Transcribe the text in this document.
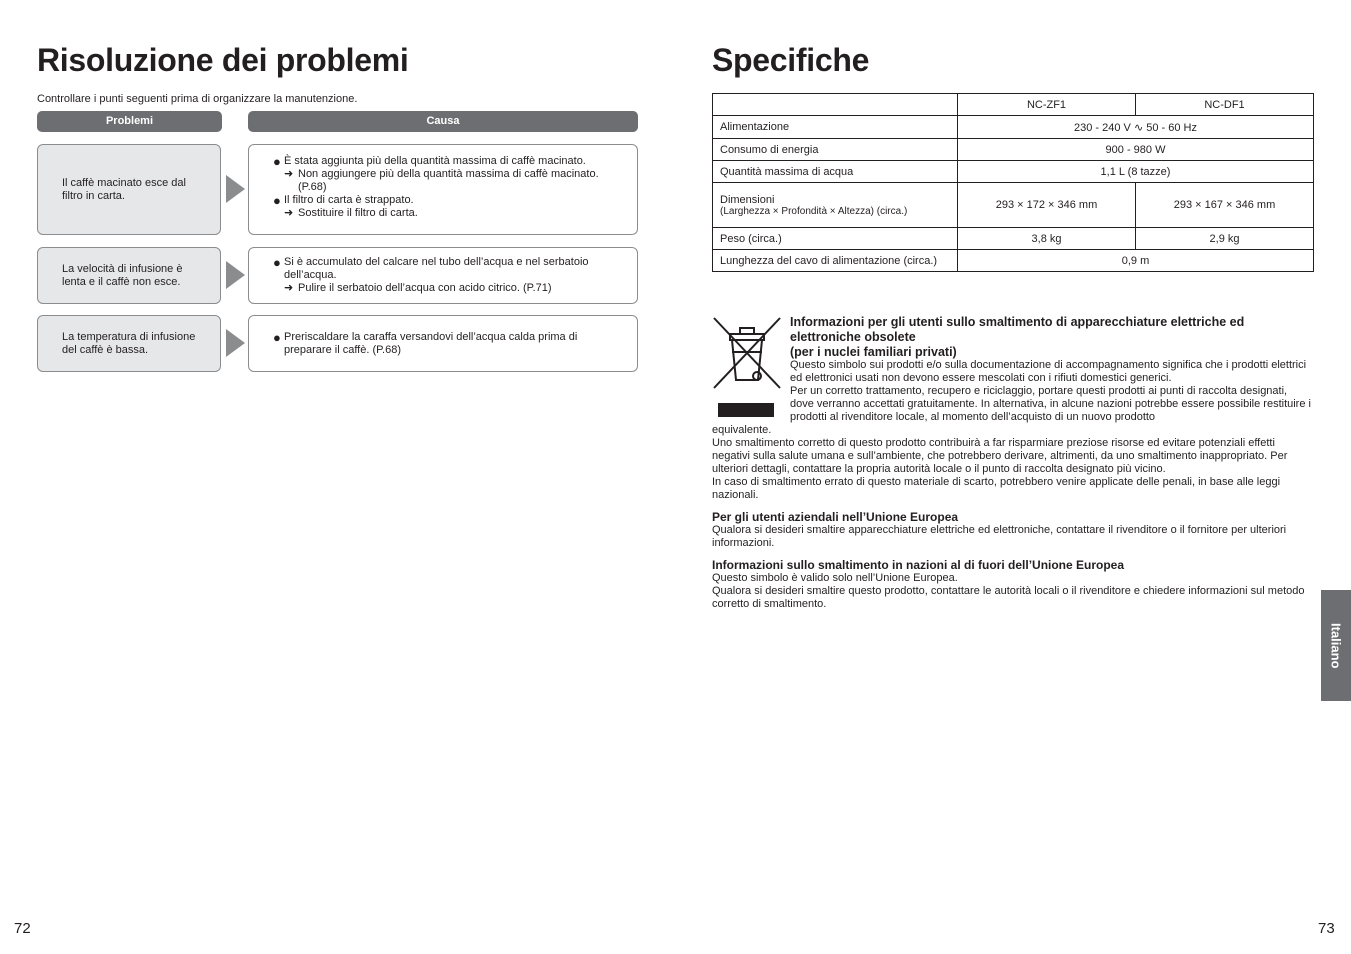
Risoluzione dei problemi
Controllare i punti seguenti prima di organizzare la manutenzione.
Problemi	Causa
Il caffè macinato esce dal filtro in carta.
● È stata aggiunta più della quantità massima di caffè macinato.
➜ Non aggiungere più della quantità massima di caffè macinato. (P.68)
● Il filtro di carta è strappato.
➜ Sostituire il filtro di carta.
La velocità di infusione è lenta e il caffè non esce.
● Si è accumulato del calcare nel tubo dell’acqua e nel serbatoio dell’acqua.
➜ Pulire il serbatoio dell’acqua con acido citrico. (P.71)
La temperatura di infusione del caffè è bassa.
● Preriscaldare la caraffa versandovi dell’acqua calda prima di preparare il caffè. (P.68)
72
Specifiche
	NC-ZF1	NC-DF1
Alimentazione	230 - 240 V ∿ 50 - 60 Hz	
Consumo di energia	900 - 980 W	
Quantità massima di acqua	1,1 L (8 tazze)	

Dimensioni
(Larghezza × Profondità × Altezza) (circa.)	293 × 172 × 346 mm	293 × 167 × 346 mm
Peso (circa.)	3,8 kg	2,9 kg
Lunghezza del cavo di alimentazione (circa.)	0,9 m	
Informazioni per gli utenti sullo smaltimento di apparecchiature elettriche ed elettroniche obsolete
(per i nuclei familiari privati)
Questo simbolo sui prodotti e/o sulla documentazione di accompagnamento significa che i prodotti elettrici ed elettronici usati non devono essere mescolati con i rifiuti domestici generici.
Per un corretto trattamento, recupero e riciclaggio, portare questi prodotti ai punti di raccolta designati, dove verranno accettati gratuitamente. In alternativa, in alcune nazioni potrebbe essere possibile restituire i prodotti al rivenditore locale, al momento dell’acquisto di un nuovo prodotto
equivalente.
Uno smaltimento corretto di questo prodotto contribuirà a far risparmiare preziose risorse ed evitare potenziali effetti negativi sulla salute umana e sull’ambiente, che potrebbero derivare, altrimenti, da uno smaltimento inappropriato. Per ulteriori dettagli, contattare la propria autorità locale o il punto di raccolta designato più vicino.
In caso di smaltimento errato di questo materiale di scarto, potrebbero venire applicate delle penali, in base alle leggi nazionali.
Per gli utenti aziendali nell’Unione Europea
Qualora si desideri smaltire apparecchiature elettriche ed elettroniche, contattare il rivenditore o il fornitore per ulteriori informazioni.
Informazioni sullo smaltimento in nazioni al di fuori dell’Unione Europea
Questo simbolo è valido solo nell’Unione Europea.
Qualora si desideri smaltire questo prodotto, contattare le autorità locali o il rivenditore e chiedere informazioni sul metodo corretto di smaltimento.
Italiano
73
